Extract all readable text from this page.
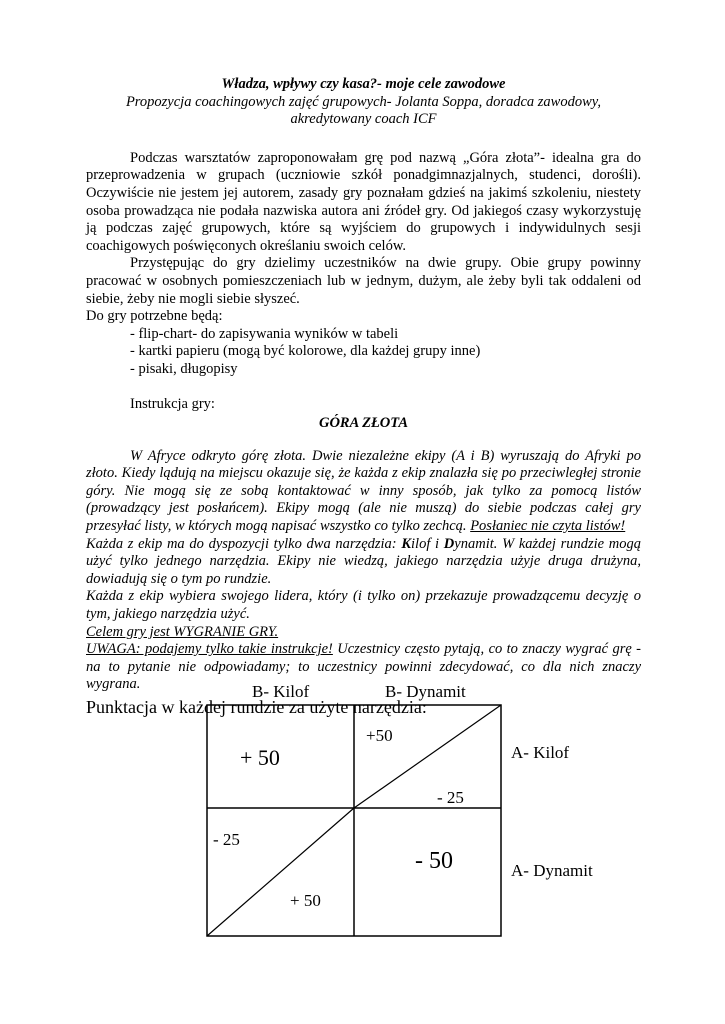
Władza, wpływy czy kasa?- moje cele zawodowe
Propozycja coachingowych zajęć grupowych- Jolanta Soppa, doradca zawodowy,
akredytowany coach ICF
Podczas warsztatów zaproponowałam grę pod nazwą „Góra złota”- idealna gra do przeprowadzenia w grupach (uczniowie szkół ponadgimnazjalnych, studenci, dorośli). Oczywiście nie jestem jej autorem, zasady gry poznałam gdzieś na jakimś szkoleniu, niestety osoba prowadząca nie podała nazwiska autora ani źródeł gry. Od jakiegoś czasy wykorzystuję ją podczas zajęć grupowych, które są wyjściem do grupowych i indywidulnych sesji coachigowych poświęconych określaniu swoich celów.
Przystępując do gry dzielimy uczestników na dwie grupy. Obie grupy powinny pracować w osobnych pomieszczeniach lub w jednym, dużym, ale żeby byli tak oddaleni od siebie, żeby nie mogli siebie słyszeć.
Do gry potrzebne będą:
- flip-chart- do zapisywania wyników w tabeli
- kartki papieru (mogą być kolorowe, dla każdej grupy inne)
- pisaki, długopisy
Instrukcja gry:
GÓRA ZŁOTA
W Afryce odkryto górę złota. Dwie niezależne ekipy (A i B) wyruszają do Afryki po złoto. Kiedy lądują na miejscu okazuje się, że każda z ekip znalazła się po przeciwległej stronie góry. Nie mogą się ze sobą kontaktować w inny sposób, jak tylko za pomocą listów (prowadzący jest posłańcem). Ekipy mogą (ale nie muszą) do siebie podczas całej gry przesyłać listy, w których mogą napisać wszystko co tylko zechcą. Posłaniec nie czyta listów!
Każda z ekip ma do dyspozycji tylko dwa narzędzia: Kilof i Dynamit. W każdej rundzie mogą użyć tylko jednego narzędzia. Ekipy nie wiedzą, jakiego narzędzia użyje druga drużyna, dowiadują się o tym po rundzie.
Każda z ekip wybiera swojego lidera, który (i tylko on) przekazuje prowadzącemu decyzję o tym, jakiego narzędzia użyć.
Celem gry jest WYGRANIE GRY.
UWAGA: podajemy tylko takie instrukcje! Uczestnicy często pytają, co to znaczy wygrać grę - na to pytanie nie odpowiadamy; to uczestnicy powinni zdecydować, co dla nich znaczy wygrana.
Punktacja w każdej rundzie za użyte narzędzia:
B- Kilof	B- Dynamit
+ 50
+50
- 25
- 25
+ 50
- 50
A- Kilof
A- Dynamit
